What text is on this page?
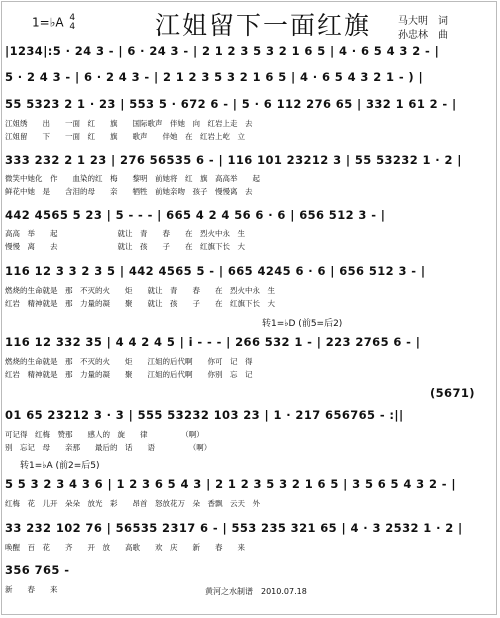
1=♭A 4
4	江姐留下一面红旗	马大明　词
孙忠林　曲
|1234|:5 · 24 3 - | 6 · 24 3 - | 2 1 2 3 5 3 2 1 6 5 | 4 · 6 5 4 3 2 - |
5 · 2 4 3 - | 6 · 2 4 3 - | 2 1 2 3 5 3 2 1 6 5 | 4 · 6 5 4 3 2 1 - ) |
55 5323 2 1 · 23 | 553 5 · 672 6 - | 5 · 6 112 276 65 | 332 1 61 2 - |
江姐绣　　出　　一面　红　　旗　　国际歌声　伴她　向　红岩上走　去
江姐留　　下　　一面　红　　旗　　歌声　　伴她　在　红岩上屹　立
333 232 2 1 23 | 276 56535 6 - | 116 101 23212 3 | 55 53232 1 · 2 |
微笑中她化　作　　血染的红　梅　　黎明　前她将　红　旗　高高举　　起
鲜花中她　是　　含泪的母　　亲　　牺牲　前她亲吻　孩子　慢慢离　去
442 4565 5 23 | 5 - - - | 665 4 2 4 56 6 · 6 | 656 512 3 - |
高高　举　　起　　　　　　　　就让　青　　春　　在　烈火中永　生
慢慢　离　　去　　　　　　　　就让　孩　　子　　在　红旗下长　大
116 12 3 3 2 3 5 | 442 4565 5 - | 665 4245 6 · 6 | 656 512 3 - |
燃烧的生命就是　那　不灭的火　　炬　　就让　青　　春　　在　烈火中永　生
红岩　精神就是　那　力量的凝　　聚　　就让　孩　　子　　在　红旗下长　大
转1=♭D (前5=后2)
116 12 332 35 | 4 4 2 4 5 | i - - - | 266 532 1 - | 223 2765 6 - |
燃烧的生命就是　那　不灭的火　　炬　　江姐的后代啊　　你可　记　得
红岩　精神就是　那　力量的凝　　聚　　江姐的后代啊　　你别　忘　记
(5671)
01 65 23212 3 · 3 | 555 53232 103 23 | 1 · 217 656765 - :||
可记得　红梅　赞那　　感人的　旋　　律　　　　　（啊）
别　忘记　母　　亲那　　最后的　话　　语　　　　　（啊）
转1=♭A (前2=后5)
5 5 3 2 3 4 3 6 | 1 2 3 6 5 4 3 | 2 1 2 3 5 3 2 1 6 5 | 3 5 6 5 4 3 2 - |
红梅　花　儿开　朵朵　放光　彩　　昂首　怒放花万　朵　香飘　云天　外
33 232 102 76 | 56535 2317 6 - | 553 235 321 65 | 4 · 3 2532 1 · 2 |
唤醒　百　花　　齐　　开　放　　高歌　　欢　庆　　新　　春　　来
356 765 -
新　　春　　来	黄河之水制谱　2010.07.18
